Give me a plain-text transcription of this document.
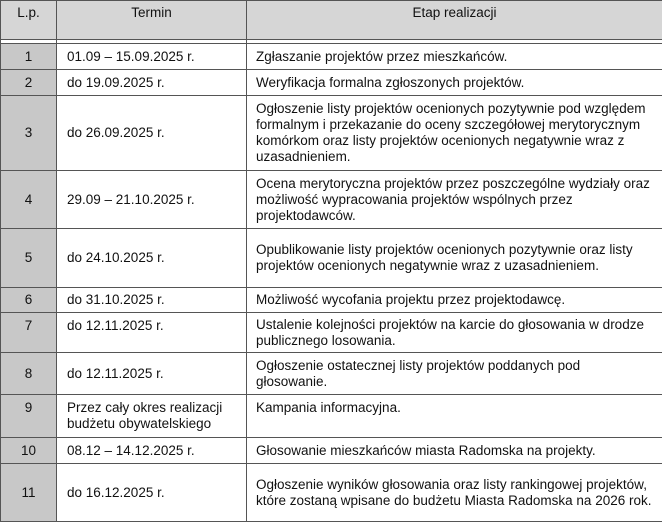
L.p.	Termin	Etap realizacji

1	01.09 – 15.09.2025 r.	Zgłaszanie projektów przez mieszkańców.
2	do 19.09.2025 r.	Weryfikacja formalna zgłoszonych projektów.
3	do 26.09.2025 r.	Ogłoszenie listy projektów ocenionych pozytywnie pod względem formalnym i przekazanie do oceny szczegółowej merytorycznym komórkom oraz listy projektów ocenionych negatywnie wraz z uzasadnieniem.
4	29.09 – 21.10.2025 r.	Ocena merytoryczna projektów przez poszczególne wydziały oraz możliwość wypracowania projektów wspólnych przez projektodawców.
5	do 24.10.2025 r.	Opublikowanie listy projektów ocenionych pozytywnie oraz listy projektów ocenionych negatywnie wraz z uzasadnieniem.
6	do 31.10.2025 r.	Możliwość wycofania projektu przez projektodawcę.
7	do 12.11.2025 r.	Ustalenie kolejności projektów na karcie do głosowania w drodze publicznego losowania.
8	do 12.11.2025 r.	Ogłoszenie ostatecznej listy projektów poddanych pod głosowanie.
9	Przez cały okres realizacji budżetu obywatelskiego	Kampania informacyjna.
10	08.12 – 14.12.2025 r.	Głosowanie mieszkańców miasta Radomska na projekty.
11	do 16.12.2025 r.	Ogłoszenie wyników głosowania oraz listy rankingowej projektów, które zostaną wpisane do budżetu Miasta Radomska na 2026 rok.
